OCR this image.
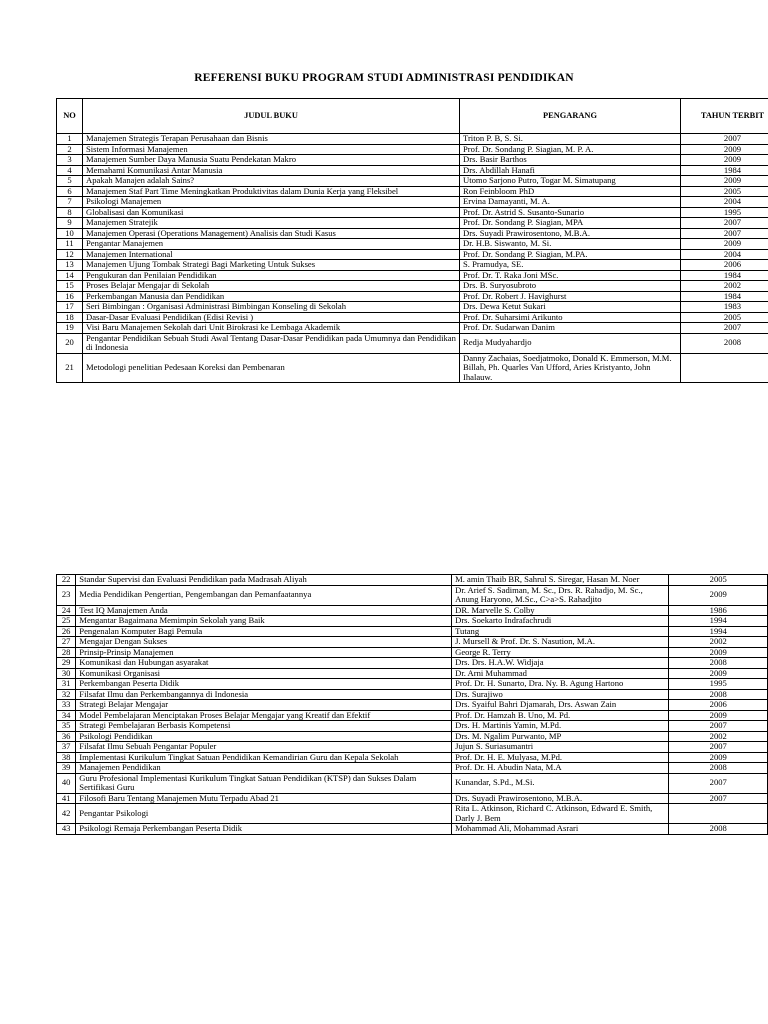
REFERENSI BUKU PROGRAM STUDI ADMINISTRASI PENDIDIKAN
NO	JUDUL BUKU	PENGARANG	TAHUN TERBIT
1	Manajemen Strategis Terapan Perusahaan dan Bisnis	Triton P. B, S. Si.	2007
2	Sistem Informasi Manajemen	Prof. Dr. Sondang P. Siagian, M. P. A.	2009
3	Manajemen Sumber Daya Manusia Suatu Pendekatan Makro	Drs. Basir Barthos	2009
4	Memahami Komunikasi Antar Manusia	Drs. Abdillah Hanafi	1984
5	Apakah Manajen adalah Sains?	Utomo Sarjono Putro, Togar M. Simatupang	2009
6	Manajemen Staf Part Time Meningkatkan Produktivitas dalam Dunia Kerja yang Fleksibel	Ron Feinbloom PhD	2005
7	Psikologi Manajemen	Ervina Damayanti, M. A.	2004
8	Globalisasi dan Komunikasi	Prof. Dr. Astrid S. Susanto-Sunario	1995
9	Manajemen Stratejik	Prof. Dr. Sondang P. Siagian, MPA	2007
10	Manajemen Operasi (Operations Management) Analisis dan Studi Kasus	Drs. Suyadi Prawirosentono, M.B.A.	2007
11	Pengantar Manajemen	Dr. H.B. Siswanto, M. Si.	2009
12	Manajemen International	Prof. Dr. Sondang P. Siagian, M.PA.	2004
13	Manajemen Ujung Tombak Strategi Bagi Marketing Untuk Sukses	S. Pramudya, SE.	2006
14	Pengukuran dan Penilaian Pendidikan	Prof. Dr. T. Raka Joni MSc.	1984
15	Proses Belajar Mengajar di Sekolah	Drs. B. Suryosubroto	2002
16	Perkembangan Manusia dan Pendidikan	Prof. Dr. Robert J. Havighurst	1984
17	Seri Bimbingan : Organisasi Administrasi Bimbingan Konseling di Sekolah	Drs. Dewa Ketut Sukari	1983
18	Dasar-Dasar Evaluasi Pendidikan (Edisi Revisi )	Prof. Dr. Suharsimi Arikunto	2005
19	Visi Baru Manajemen Sekolah dari Unit Birokrasi ke Lembaga Akademik	Prof. Dr. Sudarwan Danim	2007
20	Pengantar Pendidikan Sebuah Studi Awal Tentang Dasar-Dasar Pendidikan pada Umumnya dan Pendidikan di Indonesia	Redja Mudyahardjo	2008
21	Metodologi penelitian Pedesaan Koreksi dan Pembenaran	Danny Zachaias, Soedjatmoko, Donald K. Emmerson, M.M. Billah, Ph. Quarles Van Ufford, Aries Kristyanto, John Ihalauw.	
22	Standar Supervisi dan Evaluasi Pendidikan pada Madrasah Aliyah	M. amin Thaib BR, Sahrul S. Siregar, Hasan M. Noer	2005
23	Media Pendidikan Pengertian, Pengembangan dan Pemanfaatannya	Dr. Arief S. Sadiman, M. Sc., Drs. R. Rahadjo, M. Sc., Anung Haryono, M.Sc., C>a>S. Rahadjito	2009
24	Test IQ Manajemen Anda	DR. Marvelle S. Colby	1986
25	Mengantar Bagaimana Memimpin Sekolah yang Baik	Drs. Soekarto Indrafachrudi	1994
26	Pengenalan Komputer Bagi Pemula	Tutang	1994
27	Mengajar Dengan Sukses	J. Mursell & Prof. Dr. S. Nasution, M.A.	2002
28	Prinsip-Prinsip Manajemen	George R. Terry	2009
29	Komunikasi dan Hubungan asyarakat	Drs. Drs. H.A.W. Widjaja	2008
30	Komunikasi Organisasi	Dr. Arni Muhammad	2009
31	Perkembangan Peserta Didik	Prof. Dr. H. Sunarto, Dra. Ny. B. Agung Hartono	1995
32	Filsafat Ilmu dan Perkembangannya di Indonesia	Drs. Surajiwo	2008
33	Strategi Belajar Mengajar	Drs. Syaiful Bahri Djamarah, Drs. Aswan Zain	2006
34	Model Pembelajaran Menciptakan Proses Belajar Mengajar yang Kreatif dan Efektif	Prof. Dr. Hamzah B. Uno, M. Pd.	2009
35	Strategi Pembelajaran Berbasis Kompetensi	Drs. H. Martinis Yamin, M.Pd.	2007
36	Psikologi Pendidikan	Drs. M. Ngalim Purwanto, MP	2002
37	Filsafat Ilmu Sebuah Pengantar Populer	Jujun S. Suriasumantri	2007
38	Implementasi Kurikulum Tingkat Satuan Pendidikan Kemandirian Guru dan Kepala Sekolah	Prof. Dr. H. E. Mulyasa, M.Pd.	2009
39	Manajemen Pendidikan	Prof. Dr. H. Abudin Nata, M.A	2008
40	Guru Profesional Implementasi Kurikulum Tingkat Satuan Pendidikan (KTSP) dan Sukses Dalam Sertifikasi Guru	Kunandar, S.Pd., M.Si.	2007
41	Filosofi Baru Tentang Manajemen Mutu Terpadu Abad 21	Drs. Suyadi Prawirosentono, M.B.A.	2007
42	Pengantar Psikologi	Rita L. Atkinson, Richard C. Atkinson, Edward E. Smith, Darly J. Bem	
43	Psikologi Remaja Perkembangan Peserta Didik	Mohammad Ali, Mohammad Asrari	2008
